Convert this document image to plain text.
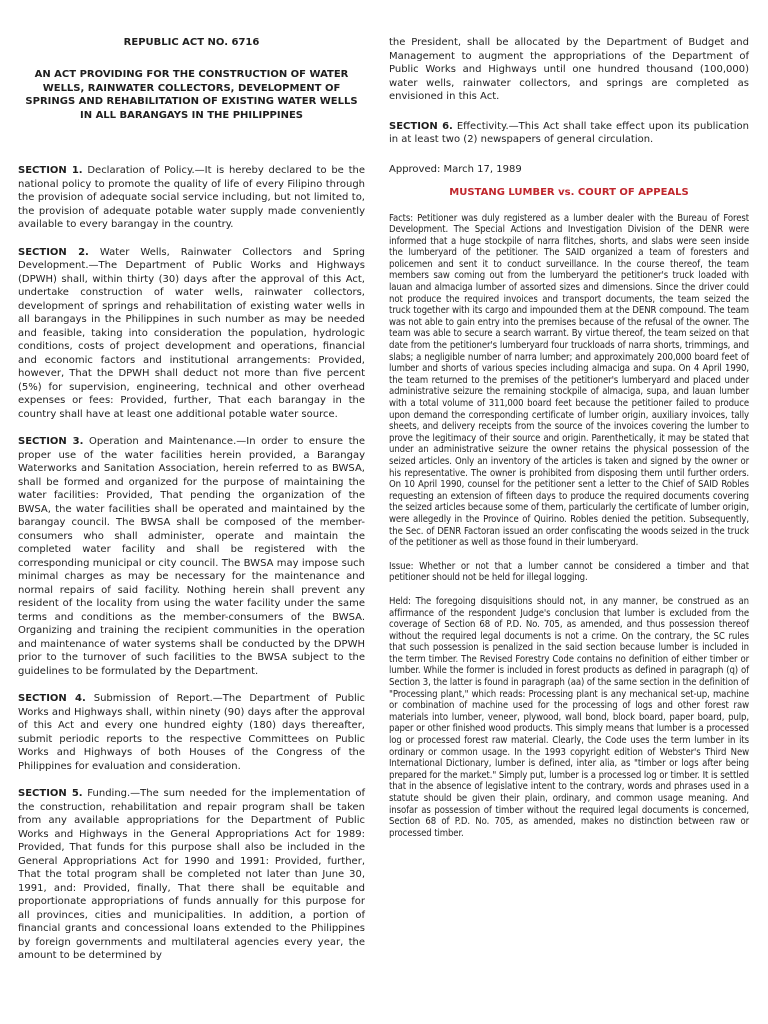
REPUBLIC ACT NO. 6716
AN ACT PROVIDING FOR THE CONSTRUCTION OF WATER WELLS, RAINWATER COLLECTORS, DEVELOPMENT OF SPRINGS AND REHABILITATION OF EXISTING WATER WELLS IN ALL BARANGAYS IN THE PHILIPPINES

SECTION 1. Declaration of Policy.—It is hereby declared to be the national policy to promote the quality of life of every Filipino through the provision of adequate social service including, but not limited to, the provision of adequate potable water supply made conveniently available to every barangay in the country.

SECTION 2. Water Wells, Rainwater Collectors and Spring Development.—The Department of Public Works and Highways (DPWH) shall, within thirty (30) days after the approval of this Act, undertake construction of water wells, rainwater collectors, development of springs and rehabilitation of existing water wells in all barangays in the Philippines in such number as may be needed and feasible, taking into consideration the population, hydrologic conditions, costs of project development and operations, financial and economic factors and institutional arrangements: Provided, however, That the DPWH shall deduct not more than five percent (5%) for supervision, engineering, technical and other overhead expenses or fees: Provided, further, That each barangay in the country shall have at least one additional potable water source.

SECTION 3. Operation and Maintenance.—In order to ensure the proper use of the water facilities herein provided, a Barangay Waterworks and Sanitation Association, herein referred to as BWSA, shall be formed and organized for the purpose of maintaining the water facilities: Provided, That pending the organization of the BWSA, the water facilities shall be operated and maintained by the barangay council. The BWSA shall be composed of the member-consumers who shall administer, operate and maintain the completed water facility and shall be registered with the corresponding municipal or city council. The BWSA may impose such minimal charges as may be necessary for the maintenance and normal repairs of said facility. Nothing herein shall prevent any resident of the locality from using the water facility under the same terms and conditions as the member-consumers of the BWSA. Organizing and training the recipient communities in the operation and maintenance of water systems shall be conducted by the DPWH prior to the turnover of such facilities to the BWSA subject to the guidelines to be formulated by the Department.

SECTION 4. Submission of Report.—The Department of Public Works and Highways shall, within ninety (90) days after the approval of this Act and every one hundred eighty (180) days thereafter, submit periodic reports to the respective Committees on Public Works and Highways of both Houses of the Congress of the Philippines for evaluation and consideration.

SECTION 5. Funding.—The sum needed for the implementation of the construction, rehabilitation and repair program shall be taken from any available appropriations for the Department of Public Works and Highways in the General Appropriations Act for 1989: Provided, That funds for this purpose shall also be included in the General Appropriations Act for 1990 and 1991: Provided, further, That the total program shall be completed not later than June 30, 1991, and: Provided, finally, That there shall be equitable and proportionate appropriations of funds annually for this purpose for all provinces, cities and municipalities. In addition, a portion of financial grants and concessional loans extended to the Philippines by foreign governments and multilateral agencies every year, the amount to be determined by

the President, shall be allocated by the Department of Budget and Management to augment the appropriations of the Department of Public Works and Highways until one hundred thousand (100,000) water wells, rainwater collectors, and springs are completed as envisioned in this Act.

SECTION 6. Effectivity.—This Act shall take effect upon its publication in at least two (2) newspapers of general circulation.

Approved: March 17, 1989
MUSTANG LUMBER vs. COURT OF APPEALS

Facts: Petitioner was duly registered as a lumber dealer with the Bureau of Forest Development. The Special Actions and Investigation Division of the DENR were informed that a huge stockpile of narra flitches, shorts, and slabs were seen inside the lumberyard of the petitioner. The SAID organized a team of foresters and policemen and sent it to conduct surveillance. In the course thereof, the team members saw coming out from the lumberyard the petitioner's truck loaded with lauan and almaciga lumber of assorted sizes and dimensions. Since the driver could not produce the required invoices and transport documents, the team seized the truck together with its cargo and impounded them at the DENR compound. The team was not able to gain entry into the premises because of the refusal of the owner. The team was able to secure a search warrant. By virtue thereof, the team seized on that date from the petitioner's lumberyard four truckloads of narra shorts, trimmings, and slabs; a negligible number of narra lumber; and approximately 200,000 board feet of lumber and shorts of various species including almaciga and supa. On 4 April 1990, the team returned to the premises of the petitioner's lumberyard and placed under administrative seizure the remaining stockpile of almaciga, supa, and lauan lumber with a total volume of 311,000 board feet because the petitioner failed to produce upon demand the corresponding certificate of lumber origin, auxiliary invoices, tally sheets, and delivery receipts from the source of the invoices covering the lumber to prove the legitimacy of their source and origin. Parenthetically, it may be stated that under an administrative seizure the owner retains the physical possession of the seized articles. Only an inventory of the articles is taken and signed by the owner or his representative. The owner is prohibited from disposing them until further orders. On 10 April 1990, counsel for the petitioner sent a letter to the Chief of SAID Robles requesting an extension of fifteen days to produce the required documents covering the seized articles because some of them, particularly the certificate of lumber origin, were allegedly in the Province of Quirino. Robles denied the petition. Subsequently, the Sec. of DENR Factoran issued an order confiscating the woods seized in the truck of the petitioner as well as those found in their lumberyard.

Issue: Whether or not that a lumber cannot be considered a timber and that petitioner should not be held for illegal logging.

Held: The foregoing disquisitions should not, in any manner, be construed as an affirmance of the respondent Judge's conclusion that lumber is excluded from the coverage of Section 68 of P.D. No. 705, as amended, and thus possession thereof without the required legal documents is not a crime. On the contrary, the SC rules that such possession is penalized in the said section because lumber is included in the term timber. The Revised Forestry Code contains no definition of either timber or lumber. While the former is included in forest products as defined in paragraph (q) of Section 3, the latter is found in paragraph (aa) of the same section in the definition of "Processing plant," which reads: Processing plant is any mechanical set-up, machine or combination of machine used for the processing of logs and other forest raw materials into lumber, veneer, plywood, wall bond, block board, paper board, pulp, paper or other finished wood products. This simply means that lumber is a processed log or processed forest raw material. Clearly, the Code uses the term lumber in its ordinary or common usage. In the 1993 copyright edition of Webster's Third New International Dictionary, lumber is defined, inter alia, as "timber or logs after being prepared for the market." Simply put, lumber is a processed log or timber. It is settled that in the absence of legislative intent to the contrary, words and phrases used in a statute should be given their plain, ordinary, and common usage meaning. And insofar as possession of timber without the required legal documents is concerned, Section 68 of P.D. No. 705, as amended, makes no distinction between raw or processed timber.
